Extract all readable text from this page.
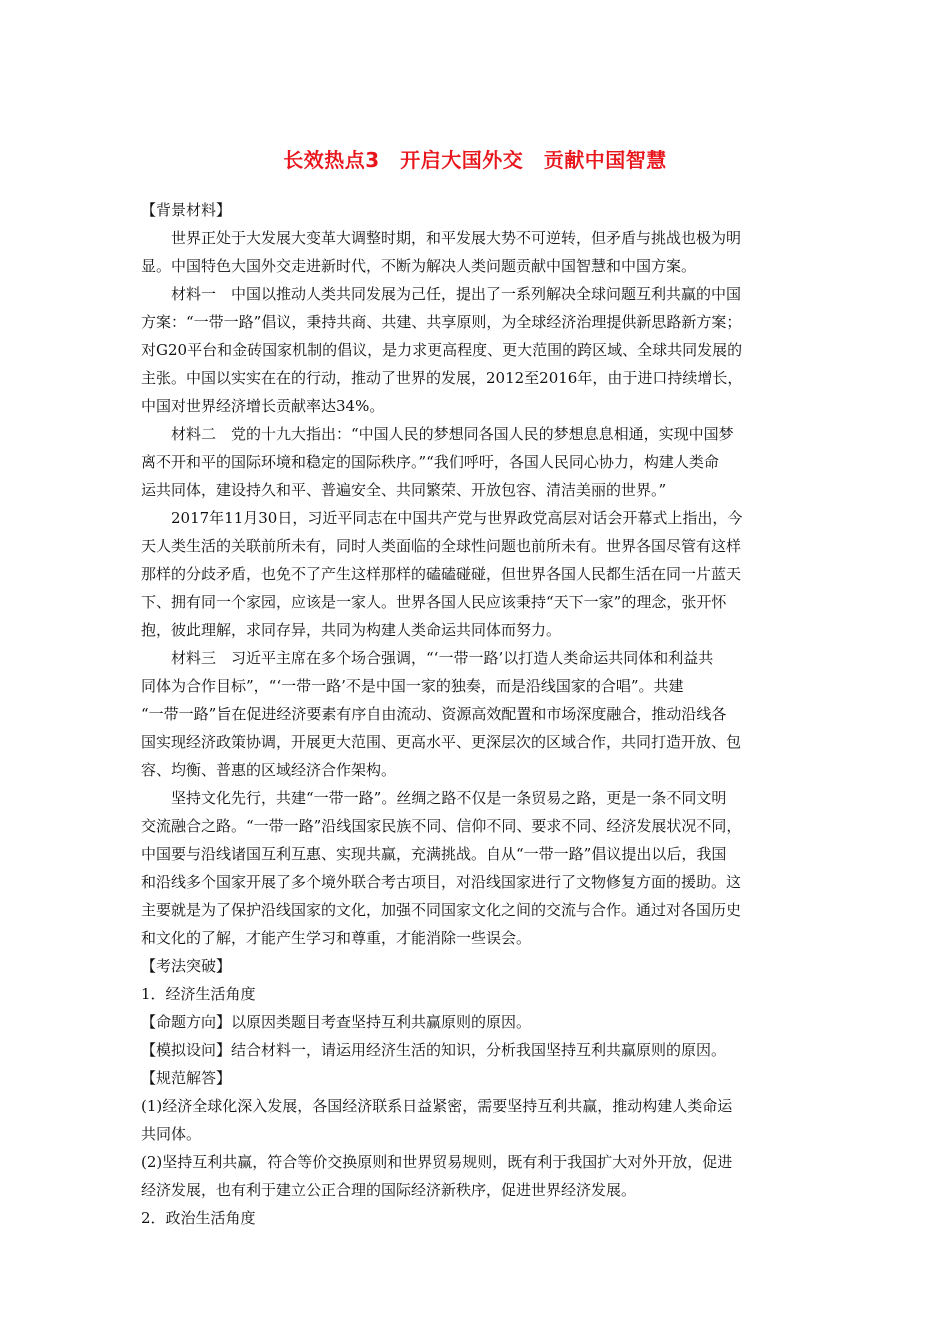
长效热点3　开启大国外交　贡献中国智慧
【背景材料】
世界正处于大发展大变革大调整时期，和平发展大势不可逆转，但矛盾与挑战也极为明
显。中国特色大国外交走进新时代，不断为解决人类问题贡献中国智慧和中国方案。
材料一　中国以推动人类共同发展为己任，提出了一系列解决全球问题互利共赢的中国
方案：“一带一路”倡议，秉持共商、共建、共享原则，为全球经济治理提供新思路新方案；
对G20平台和金砖国家机制的倡议，是力求更高程度、更大范围的跨区域、全球共同发展的
主张。中国以实实在在的行动，推动了世界的发展，2012至2016年，由于进口持续增长，
中国对世界经济增长贡献率达34%。
材料二　党的十九大指出：“中国人民的梦想同各国人民的梦想息息相通，实现中国梦
离不开和平的国际环境和稳定的国际秩序。”“我们呼吁，各国人民同心协力，构建人类命
运共同体，建设持久和平、普遍安全、共同繁荣、开放包容、清洁美丽的世界。”
2017年11月30日，习近平同志在中国共产党与世界政党高层对话会开幕式上指出，今
天人类生活的关联前所未有，同时人类面临的全球性问题也前所未有。世界各国尽管有这样
那样的分歧矛盾，也免不了产生这样那样的磕磕碰碰，但世界各国人民都生活在同一片蓝天
下、拥有同一个家园，应该是一家人。世界各国人民应该秉持“天下一家”的理念，张开怀
抱，彼此理解，求同存异，共同为构建人类命运共同体而努力。
材料三　习近平主席在多个场合强调，“‘一带一路’以打造人类命运共同体和利益共
同体为合作目标”，“‘一带一路’不是中国一家的独奏，而是沿线国家的合唱”。共建
“一带一路”旨在促进经济要素有序自由流动、资源高效配置和市场深度融合，推动沿线各
国实现经济政策协调，开展更大范围、更高水平、更深层次的区域合作，共同打造开放、包
容、均衡、普惠的区域经济合作架构。
坚持文化先行，共建“一带一路”。丝绸之路不仅是一条贸易之路，更是一条不同文明
交流融合之路。“一带一路”沿线国家民族不同、信仰不同、要求不同、经济发展状况不同，
中国要与沿线诸国互利互惠、实现共赢，充满挑战。自从“一带一路”倡议提出以后，我国
和沿线多个国家开展了多个境外联合考古项目，对沿线国家进行了文物修复方面的援助。这
主要就是为了保护沿线国家的文化，加强不同国家文化之间的交流与合作。通过对各国历史
和文化的了解，才能产生学习和尊重，才能消除一些误会。
【考法突破】
1．经济生活角度
【命题方向】以原因类题目考查坚持互利共赢原则的原因。
【模拟设问】结合材料一，请运用经济生活的知识，分析我国坚持互利共赢原则的原因。
【规范解答】
(1)经济全球化深入发展，各国经济联系日益紧密，需要坚持互利共赢，推动构建人类命运
共同体。
(2)坚持互利共赢，符合等价交换原则和世界贸易规则，既有利于我国扩大对外开放，促进
经济发展，也有利于建立公正合理的国际经济新秩序，促进世界经济发展。
2．政治生活角度
